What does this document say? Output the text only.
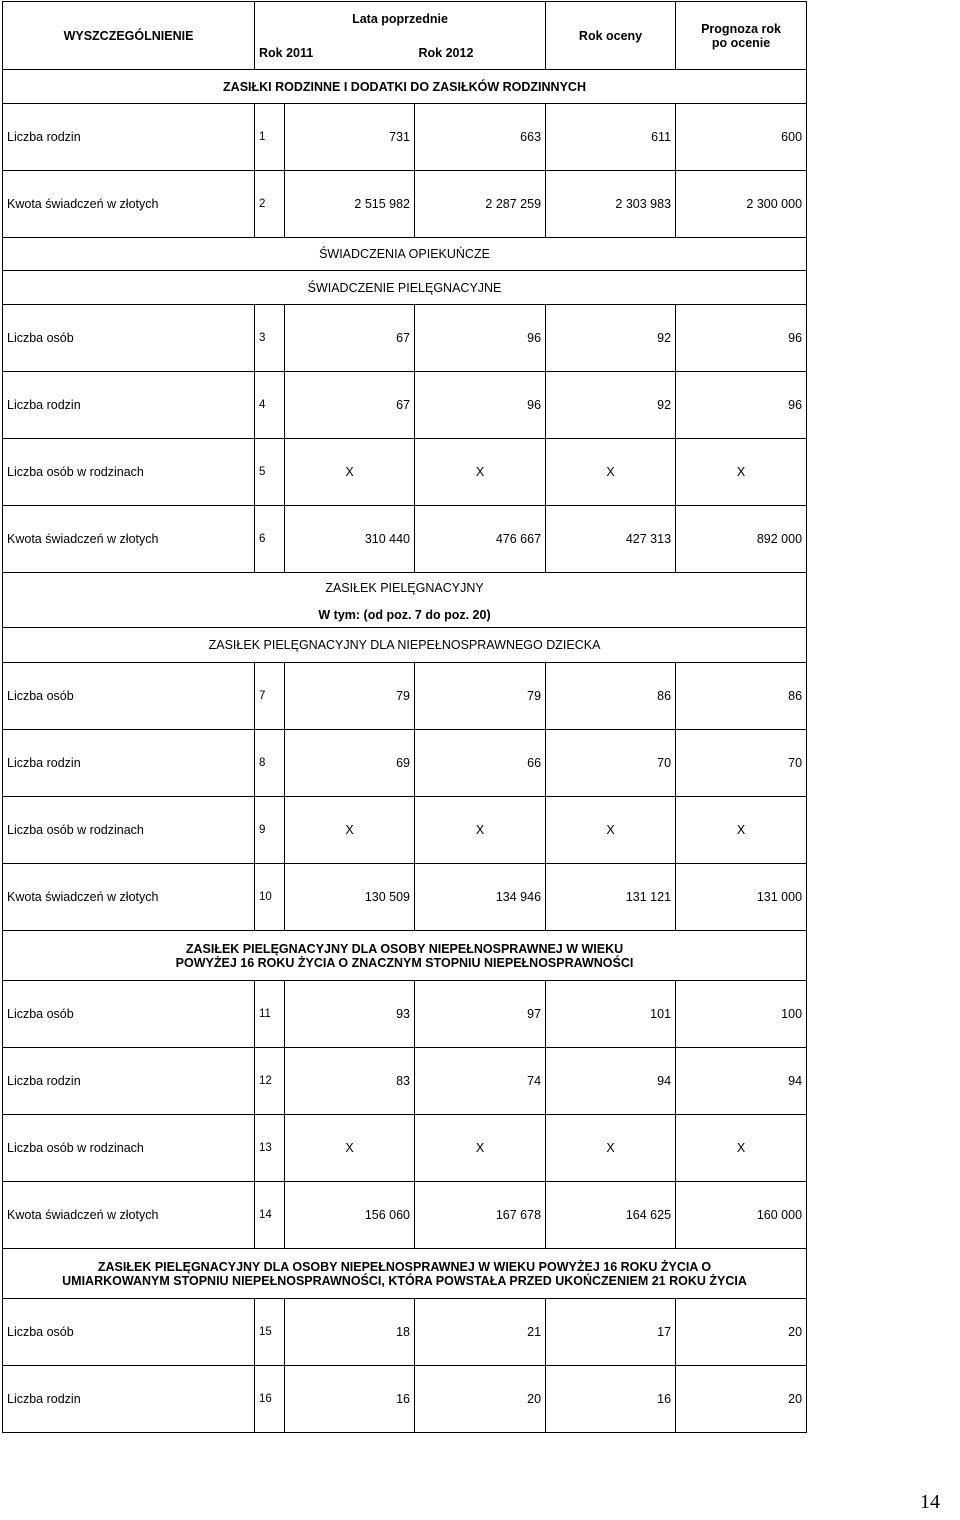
WYSZCZEGÓLNIENIE	Lata poprzednie			Rok oceny	Prognoza rok
po ocenie
	Rok 2011		Rok 2012		
ZASIŁKI RODZINNE I DODATKI DO ZASIŁKÓW RODZINNYCH					
Liczba rodzin	1	731	663	611	600
Kwota świadczeń w złotych	2	2 515 982	2 287 259	2 303 983	2 300 000
ŚWIADCZENIA OPIEKUŃCZE					
ŚWIADCZENIE PIELĘGNACYJNE					
Liczba osób	3	67	96	92	96
Liczba rodzin	4	67	96	92	96
Liczba osób w rodzinach	5	X	X	X	X
Kwota świadczeń w złotych	6	310 440	476 667	427 313	892 000
ZASIŁEK PIELĘGNACYJNY					
W tym: (od poz. 7 do poz. 20)					
ZASIŁEK PIELĘGNACYJNY DLA NIEPEŁNOSPRAWNEGO DZIECKA					
Liczba osób	7	79	79	86	86
Liczba rodzin	8	69	66	70	70
Liczba osób w rodzinach	9	X	X	X	X
Kwota świadczeń w złotych	10	130 509	134 946	131 121	131 000
ZASIŁEK PIELĘGNACYJNY DLA OSOBY NIEPEŁNOSPRAWNEJ W WIEKU
POWYŻEJ 16 ROKU ŻYCIA O ZNACZNYM STOPNIU NIEPEŁNOSPRAWNOŚCI					
Liczba osób	11	93	97	101	100
Liczba rodzin	12	83	74	94	94
Liczba osób w rodzinach	13	X	X	X	X
Kwota świadczeń w złotych	14	156 060	167 678	164 625	160 000
ZASIŁEK PIELĘGNACYJNY DLA OSOBY NIEPEŁNOSPRAWNEJ W WIEKU POWYŻEJ 16 ROKU ŻYCIA O
UMIARKOWANYM STOPNIU NIEPEŁNOSPRAWNOŚCI, KTÓRA POWSTAŁA PRZED UKOŃCZENIEM 21 ROKU ŻYCIA					
Liczba osób	15	18	21	17	20
Liczba rodzin	16	16	20	16	20
14
